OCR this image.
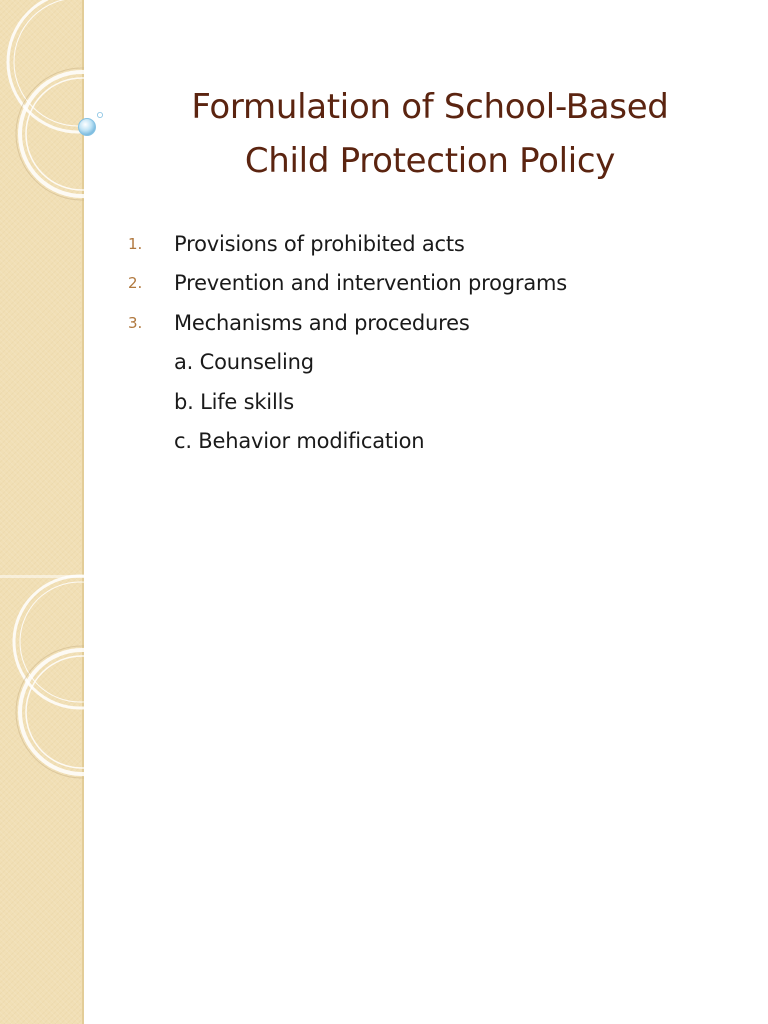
Formulation of School-Based
Child Protection Policy
1.	Provisions of prohibited acts
2.	Prevention and intervention programs
3.	Mechanisms and procedures
a. Counseling
b. Life skills
c. Behavior modification
